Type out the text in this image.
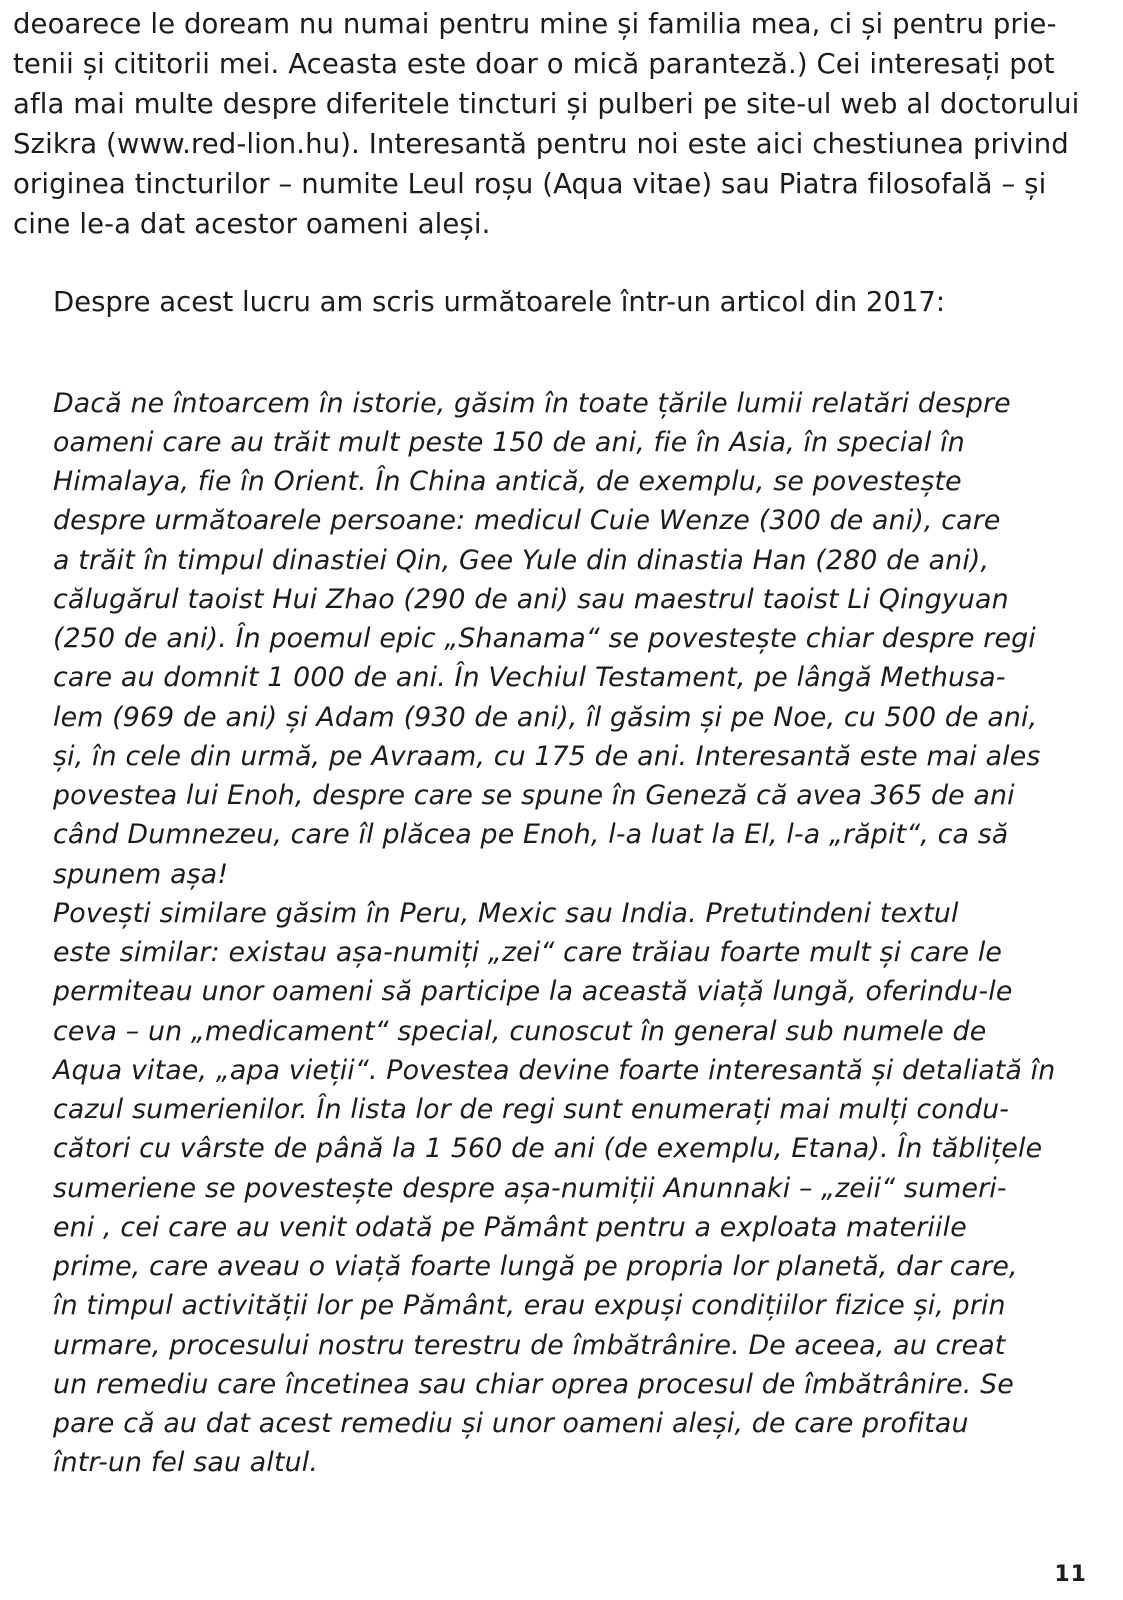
deoarece le doream nu numai pentru mine și familia mea, ci și pentru prie-

tenii și cititorii mei. Aceasta este doar o mică paranteză.) Cei interesați pot

afla mai multe despre diferitele tincturi și pulberi pe site-ul web al doctorului

Szikra (www.red-lion.hu). Interesantă pentru noi este aici chestiunea privind

originea tincturilor – numite Leul roșu (Aqua vitae) sau Piatra filosofală – și

cine le-a dat acestor oameni aleși.

Despre acest lucru am scris următoarele într-un articol din 2017:

Dacă ne întoarcem în istorie, găsim în toate țările lumii relatări despre

oameni care au trăit mult peste 150 de ani, fie în Asia, în special în

Himalaya, fie în Orient. În China antică, de exemplu, se povestește

despre următoarele persoane: medicul Cuie Wenze (300 de ani), care

a trăit în timpul dinastiei Qin, Gee Yule din dinastia Han (280 de ani),

călugărul taoist Hui Zhao (290 de ani) sau maestrul taoist Li Qingyuan

(250 de ani). În poemul epic „Shanama“ se povestește chiar despre regi

care au domnit 1 000 de ani. În Vechiul Testament, pe lângă Methusa-

lem (969 de ani) și Adam (930 de ani), îl găsim și pe Noe, cu 500 de ani,

și, în cele din urmă, pe Avraam, cu 175 de ani. Interesantă este mai ales

povestea lui Enoh, despre care se spune în Geneză că avea 365 de ani

când Dumnezeu, care îl plăcea pe Enoh, l-a luat la El, l-a „răpit“, ca să

spunem așa!

Povești similare găsim în Peru, Mexic sau India. Pretutindeni textul

este similar: existau așa-numiți „zei“ care trăiau foarte mult și care le

permiteau unor oameni să participe la această viață lungă, oferindu-le

ceva – un „medicament“ special, cunoscut în general sub numele de

Aqua vitae, „apa vieții“. Povestea devine foarte interesantă și detaliată în

cazul sumerienilor. În lista lor de regi sunt enumerați mai mulți condu-

cători cu vârste de până la 1 560 de ani (de exemplu, Etana). În tăblițele

sumeriene se povestește despre așa-numiții Anunnaki – „zeii“ sumeri-

eni , cei care au venit odată pe Pământ pentru a exploata materiile

prime, care aveau o viață foarte lungă pe propria lor planetă, dar care,

în timpul activității lor pe Pământ, erau expuși condițiilor fizice și, prin

urmare, procesului nostru terestru de îmbătrânire. De aceea, au creat

un remediu care încetinea sau chiar oprea procesul de îmbătrânire. Se

pare că au dat acest remediu și unor oameni aleși, de care profitau

într-un fel sau altul.

11
